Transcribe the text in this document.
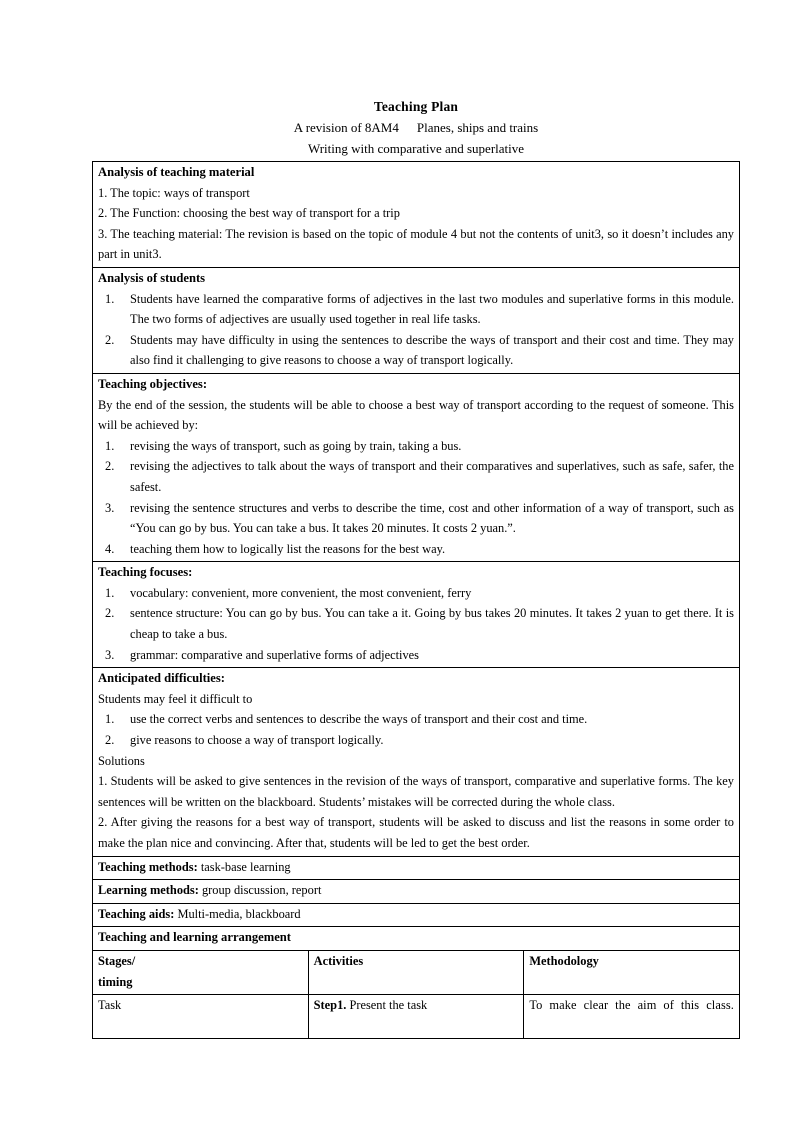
Teaching Plan
A revision of 8AM4 Planes, ships and trains
Writing with comparative and superlative

Analysis of teaching material

1. The topic: ways of transport

2. The Function: choosing the best way of transport for a trip

3. The teaching material: The revision is based on the topic of module 4 but not the contents of unit3, so it doesn’t includes any part in unit3.		

Analysis of students

1.	Students have learned the comparative forms of adjectives in the last two modules and superlative forms in this module. The two forms of adjectives are usually used together in real life tasks.
2.	Students may have difficulty in using the sentences to describe the ways of transport and their cost and time. They may also find it challenging to give reasons to choose a way of transport logically.

Teaching objectives:

By the end of the session, the students will be able to choose a best way of transport according to the request of someone. This will be achieved by:

1.	revising the ways of transport, such as going by train, taking a bus.
2.	revising the adjectives to talk about the ways of transport and their comparatives and superlatives, such as safe, safer, the safest.
3.	revising the sentence structures and verbs to describe the time, cost and other information of a way of transport, such as “You can go by bus. You can take a bus. It takes 20 minutes. It costs 2 yuan.”.
4.	teaching them how to logically list the reasons for the best way.

Teaching focuses:

1.	vocabulary: convenient, more convenient, the most convenient, ferry
2.	sentence structure: You can go by bus. You can take a it. Going by bus takes 20 minutes. It takes 2 yuan to get there. It is cheap to take a bus.
3.	grammar: comparative and superlative forms of adjectives

Anticipated difficulties:

Students may feel it difficult to

1.	use the correct verbs and sentences to describe the ways of transport and their cost and time.
2.	give reasons to choose a way of transport logically.

Solutions

1. Students will be asked to give sentences in the revision of the ways of transport, comparative and superlative forms. The key sentences will be written on the blackboard. Students’ mistakes will be corrected during the whole class.

2. After giving the reasons for a best way of transport, students will be asked to discuss and list the reasons in some order to make the plan nice and convincing. After that, students will be led to get the best order.

Teaching methods: task-base learning		

Learning methods: group discussion, report		

Teaching aids: Multi-media, blackboard		

Teaching and learning arrangement		

Stages/

timing	Activities	Methodology
Task	Step1. Present the task	To make clear the aim of this class.
